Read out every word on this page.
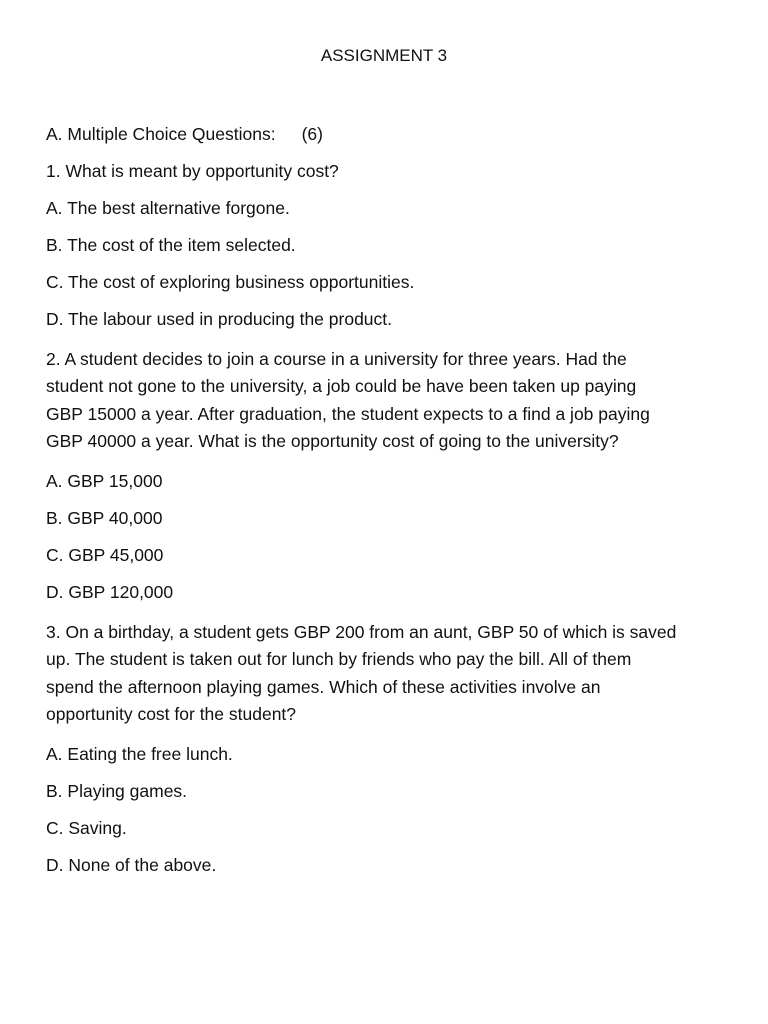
ASSIGNMENT 3
A. Multiple Choice Questions: (6)
1. What is meant by opportunity cost?
A. The best alternative forgone.
B. The cost of the item selected.
C. The cost of exploring business opportunities.
D. The labour used in producing the product.
2. A student decides to join a course in a university for three years. Had the
student not gone to the university, a job could be have been taken up paying
GBP 15000 a year. After graduation, the student expects to a find a job paying
GBP 40000 a year. What is the opportunity cost of going to the university?
A. GBP 15,000
B. GBP 40,000
C. GBP 45,000
D. GBP 120,000
3. On a birthday, a student gets GBP 200 from an aunt, GBP 50 of which is saved
up. The student is taken out for lunch by friends who pay the bill. All of them
spend the afternoon playing games. Which of these activities involve an
opportunity cost for the student?
A. Eating the free lunch.
B. Playing games.
C. Saving.
D. None of the above.
